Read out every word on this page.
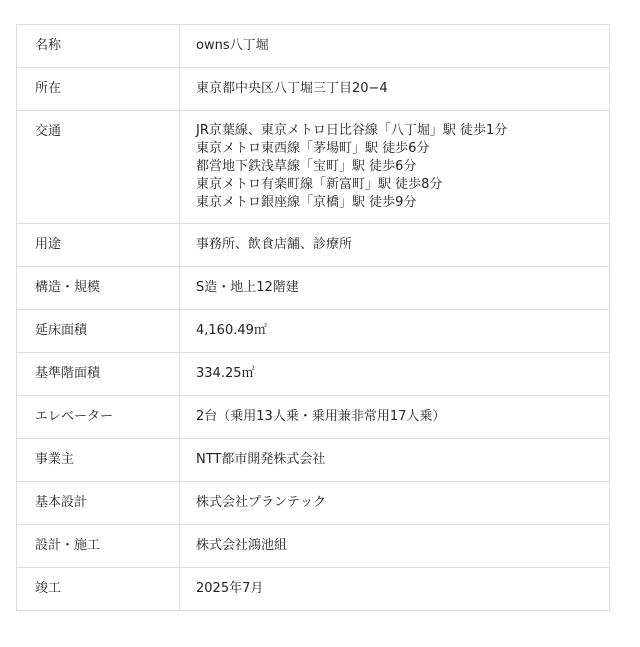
名称	owns八丁堀
所在	東京都中央区八丁堀三丁目20−4
交通	JR京葉線、東京メトロ日比谷線「八丁堀」駅 徒歩1分
東京メトロ東西線「茅場町」駅 徒歩6分
都営地下鉄浅草線「宝町」駅 徒歩6分
東京メトロ有楽町線「新富町」駅 徒歩8分
東京メトロ銀座線「京橋」駅 徒歩9分

用途	事務所、飲食店舗、診療所
構造・規模	S造・地上12階建
延床面積	4,160.49㎡
基準階面積	334.25㎡
エレベーター	2台（乗用13人乗・乗用兼非常用17人乗）
事業主	NTT都市開発株式会社
基本設計	株式会社プランテック
設計・施工	株式会社鴻池組
竣工	2025年7月
